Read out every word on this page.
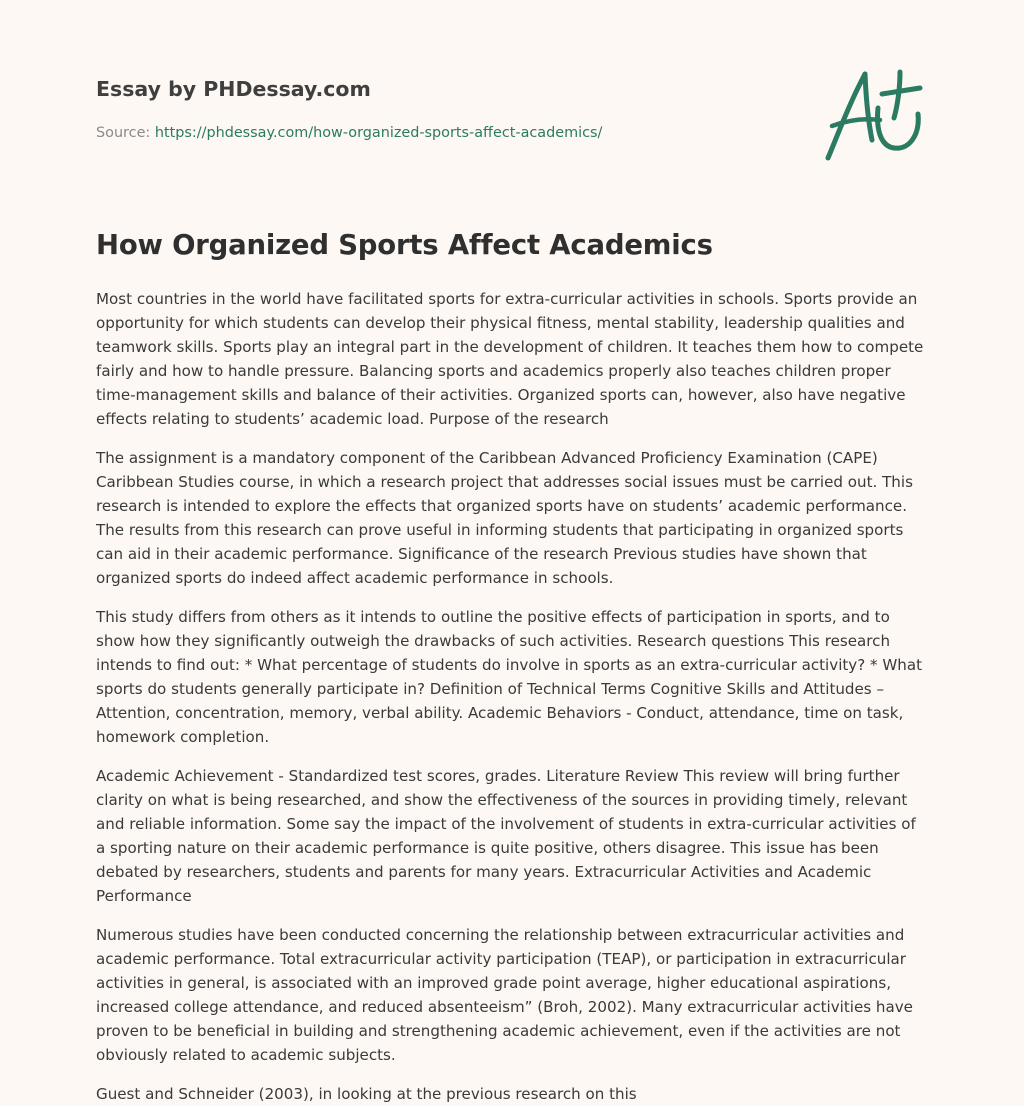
Essay by PHDessay.com
Source: https://phdessay.com/how-organized-sports-affect-academics/
How Organized Sports Affect Academics

Most countries in the world have facilitated sports for extra-curricular activities in schools. Sports provide an opportunity for which students can develop their physical fitness, mental stability, leadership qualities and teamwork skills. Sports play an integral part in the development of children. It teaches them how to compete fairly and how to handle pressure. Balancing sports and academics properly also teaches children proper time-management skills and balance of their activities. Organized sports can, however, also have negative effects relating to students’ academic load. Purpose of the research

The assignment is a mandatory component of the Caribbean Advanced Proficiency Examination (CAPE) Caribbean Studies course, in which a research project that addresses social issues must be carried out. This research is intended to explore the effects that organized sports have on students’ academic performance. The results from this research can prove useful in informing students that participating in organized sports can aid in their academic performance. Significance of the research Previous studies have shown that organized sports do indeed affect academic performance in schools.

This study differs from others as it intends to outline the positive effects of participation in sports, and to show how they significantly outweigh the drawbacks of such activities. Research questions This research intends to find out: * What percentage of students do involve in sports as an extra-curricular activity? * What sports do students generally participate in? Definition of Technical Terms Cognitive Skills and Attitudes – Attention, concentration, memory, verbal ability. Academic Behaviors - Conduct, attendance, time on task, homework completion.

Academic Achievement - Standardized test scores, grades. Literature Review This review will bring further clarity on what is being researched, and show the effectiveness of the sources in providing timely, relevant and reliable information. Some say the impact of the involvement of students in extra-curricular activities of a sporting nature on their academic performance is quite positive, others disagree. This issue has been debated by researchers, students and parents for many years. Extracurricular Activities and Academic Performance

Numerous studies have been conducted concerning the relationship between extracurricular activities and academic performance. Total extracurricular activity participation (TEAP), or participation in extracurricular activities in general, is associated with an improved grade point average, higher educational aspirations, increased college attendance, and reduced absenteeism” (Broh, 2002). Many extracurricular activities have proven to be beneficial in building and strengthening academic achievement, even if the activities are not obviously related to academic subjects.

Guest and Schneider (2003), in looking at the previous research on this
